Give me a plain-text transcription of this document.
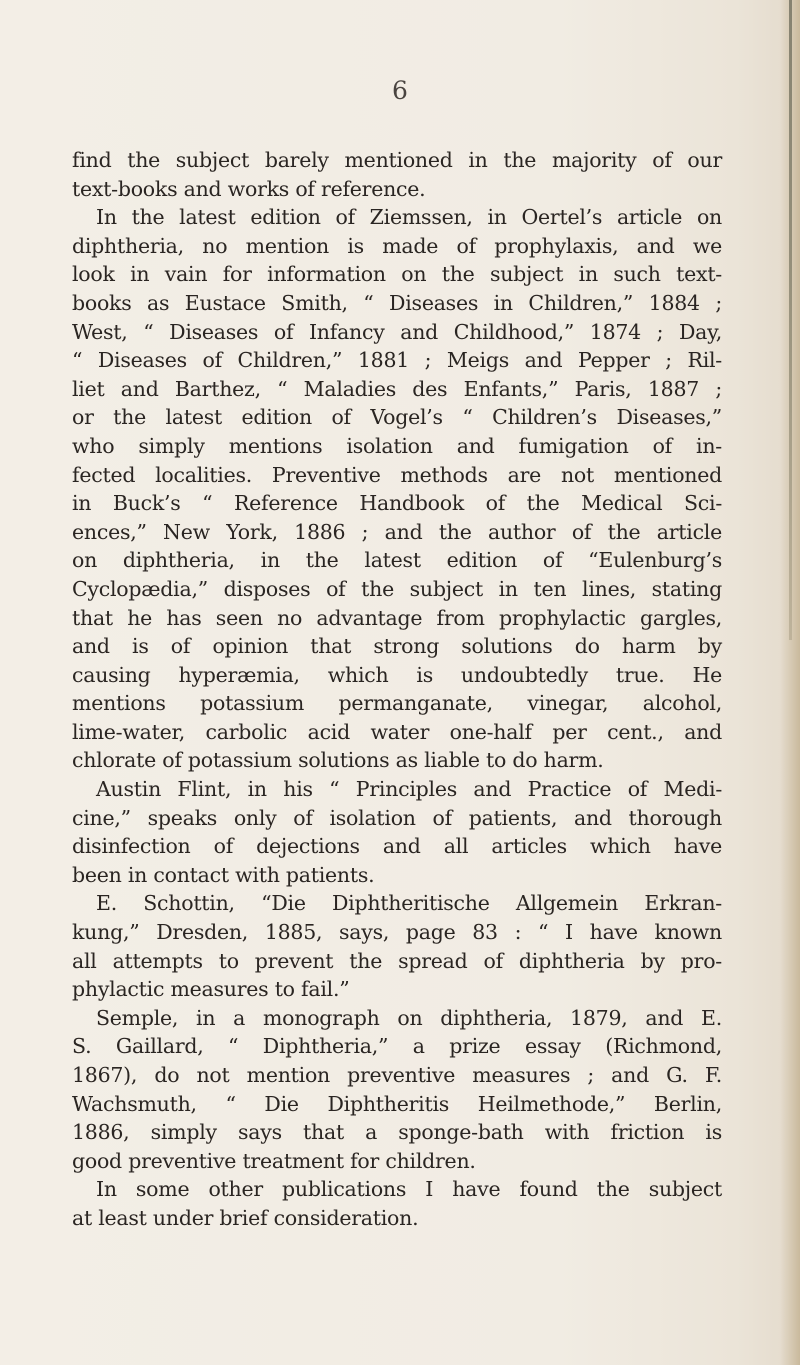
6

find the subject barely mentioned in the majority of our
text-books and works of reference.
In the latest edition of Ziemssen, in Oertel’s article on
diphtheria, no mention is made of prophylaxis, and we
look in vain for information on the subject in such text-
books as Eustace Smith, “ Diseases in Children,” 1884 ;
West, “ Diseases of Infancy and Childhood,” 1874 ; Day,
“ Diseases of Children,” 1881 ; Meigs and Pepper ; Ril-
liet and Barthez, “ Maladies des Enfants,” Paris, 1887 ;
or the latest edition of Vogel’s “ Children’s Diseases,”
who simply mentions isolation and fumigation of in-
fected localities. Preventive methods are not mentioned
in Buck’s “ Reference Handbook of the Medical Sci-
ences,” New York, 1886 ; and the author of the article
on diphtheria, in the latest edition of “Eulenburg’s
Cyclopædia,” disposes of the subject in ten lines, stating
that he has seen no advantage from prophylactic gargles,
and is of opinion that strong solutions do harm by
causing hyperæmia, which is undoubtedly true. He
mentions potassium permanganate, vinegar, alcohol,
lime-water, carbolic acid water one-half per cent., and
chlorate of potassium solutions as liable to do harm.
Austin Flint, in his “ Principles and Practice of Medi-
cine,” speaks only of isolation of patients, and thorough
disinfection of dejections and all articles which have
been in contact with patients.
E. Schottin, “Die Diphtheritische Allgemein Erkran-
kung,” Dresden, 1885, says, page 83 : “ I have known
all attempts to prevent the spread of diphtheria by pro-
phylactic measures to fail.”
Semple, in a monograph on diphtheria, 1879, and E.
S. Gaillard, “ Diphtheria,” a prize essay (Richmond,
1867), do not mention preventive measures ; and G. F.
Wachsmuth, “ Die Diphtheritis Heilmethode,” Berlin,
1886, simply says that a sponge-bath with friction is
good preventive treatment for children.
In some other publications I have found the subject
at least under brief consideration.
